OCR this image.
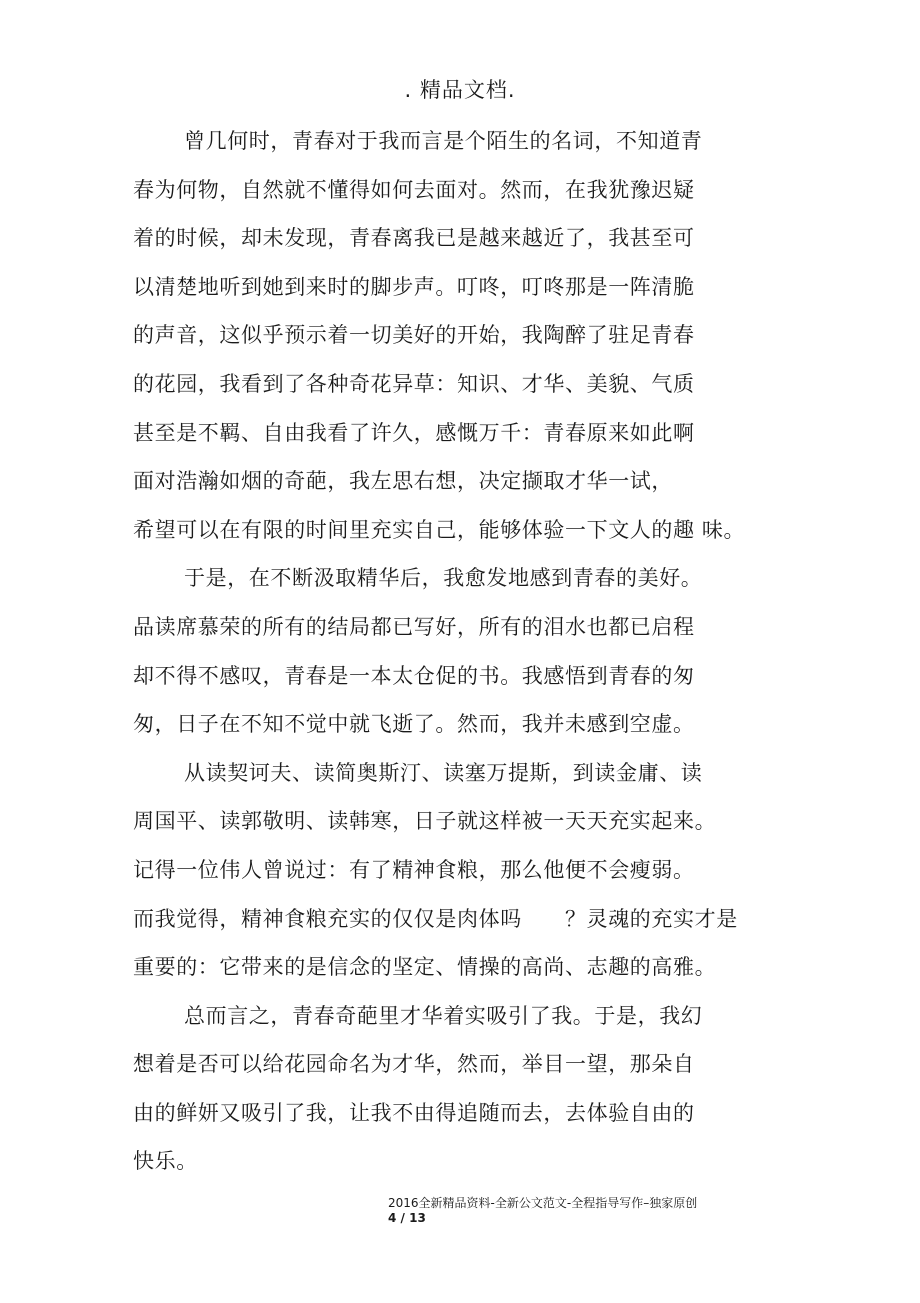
. 精品文档.
曾几何时，青春对于我而言是个陌生的名词，不知道青
春为何物，自然就不懂得如何去面对。然而，在我犹豫迟疑
着的时候，却未发现，青春离我已是越来越近了，我甚至可
以清楚地听到她到来时的脚步声。叮咚，叮咚那是一阵清脆
的声音，这似乎预示着一切美好的开始，我陶醉了驻足青春
的花园，我看到了各种奇花异草：知识、才华、美貌、气质
甚至是不羁、自由我看了许久，感慨万千：青春原来如此啊
面对浩瀚如烟的奇葩，我左思右想，决定撷取才华一试，
希望可以在有限的时间里充实自己，能够体验一下文人的趣 味。
于是，在不断汲取精华后，我愈发地感到青春的美好。
品读席慕荣的所有的结局都已写好，所有的泪水也都已启程
却不得不感叹，青春是一本太仓促的书。我感悟到青春的匆
匆，日子在不知不觉中就飞逝了。然而，我并未感到空虚。
从读契诃夫、读简奥斯汀、读塞万提斯，到读金庸、读
周国平、读郭敬明、读韩寒，日子就这样被一天天充实起来。
记得一位伟人曾说过：有了精神食粮，那么他便不会瘦弱。
而我觉得，精神食粮充实的仅仅是肉体吗　　？灵魂的充实才是
重要的：它带来的是信念的坚定、情操的高尚、志趣的高雅。
总而言之，青春奇葩里才华着实吸引了我。于是，我幻
想着是否可以给花园命名为才华，然而，举目一望，那朵自
由的鲜妍又吸引了我，让我不由得追随而去，去体验自由的
快乐。
2016全新精品资料-全新公文范文-全程指导写作–独家原创
4 / 13
